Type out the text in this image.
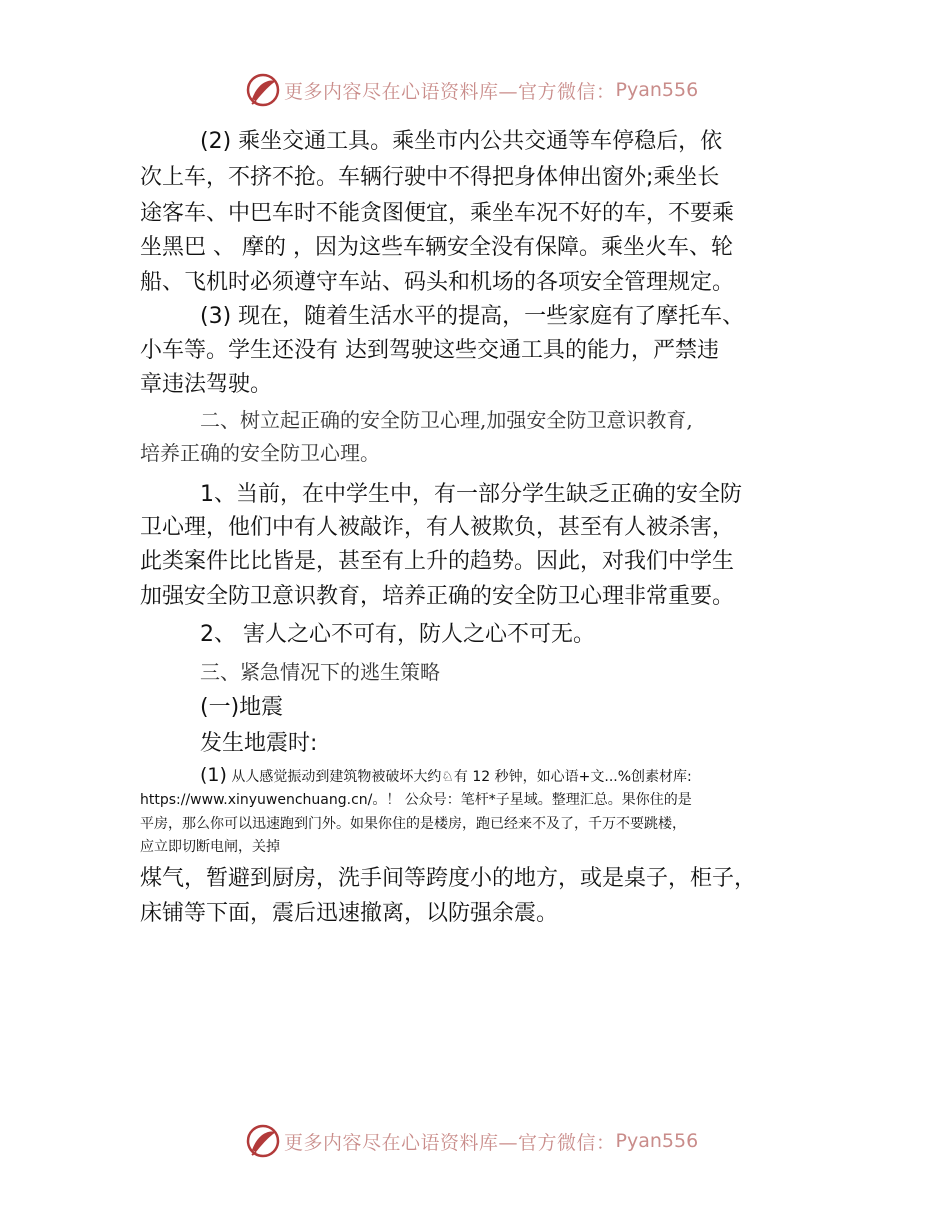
更多内容尽在心语资料库—官方微信： Pyan556
(2) 乘坐交通工具。乘坐市内公共交通等车停稳后，依
次上车，不挤不抢。车辆行驶中不得把身体伸出窗外;乘坐长
途客车、中巴车时不能贪图便宜，乘坐车况不好的车，不要乘
坐黑巴 、 摩的 ，因为这些车辆安全没有保障。乘坐火车、轮
船、飞机时必须遵守车站、码头和机场的各项安全管理规定。
(3) 现在，随着生活水平的提高，一些家庭有了摩托车、
小车等。学生还没有 达到驾驶这些交通工具的能力，严禁违
章违法驾驶。
二、树立起正确的安全防卫心理,加强安全防卫意识教育,
培养正确的安全防卫心理。
1、当前，在中学生中，有一部分学生缺乏正确的安全防
卫心理，他们中有人被敲诈，有人被欺负，甚至有人被杀害，
此类案件比比皆是，甚至有上升的趋势。因此，对我们中学生
加强安全防卫意识教育，培养正确的安全防卫心理非常重要。
2、 害人之心不可有，防人之心不可无。
三、紧急情况下的逃生策略
(一)地震
发生地震时:
(1) 从人感觉振动到建筑物被破坏大约♘有 12 秒钟，如心语+文...%创素材库:
https://www.xinyuwenchuang.cn/。！ 公众号：笔杆*子星域。整理汇总。果你住的是
平房，那么你可以迅速跑到门外。如果你住的是楼房，跑已经来不及了，千万不要跳楼，
应立即切断电闸，关掉
煤气，暂避到厨房，洗手间等跨度小的地方，或是桌子，柜子，
床铺等下面，震后迅速撤离，以防强余震。
更多内容尽在心语资料库—官方微信： Pyan556
